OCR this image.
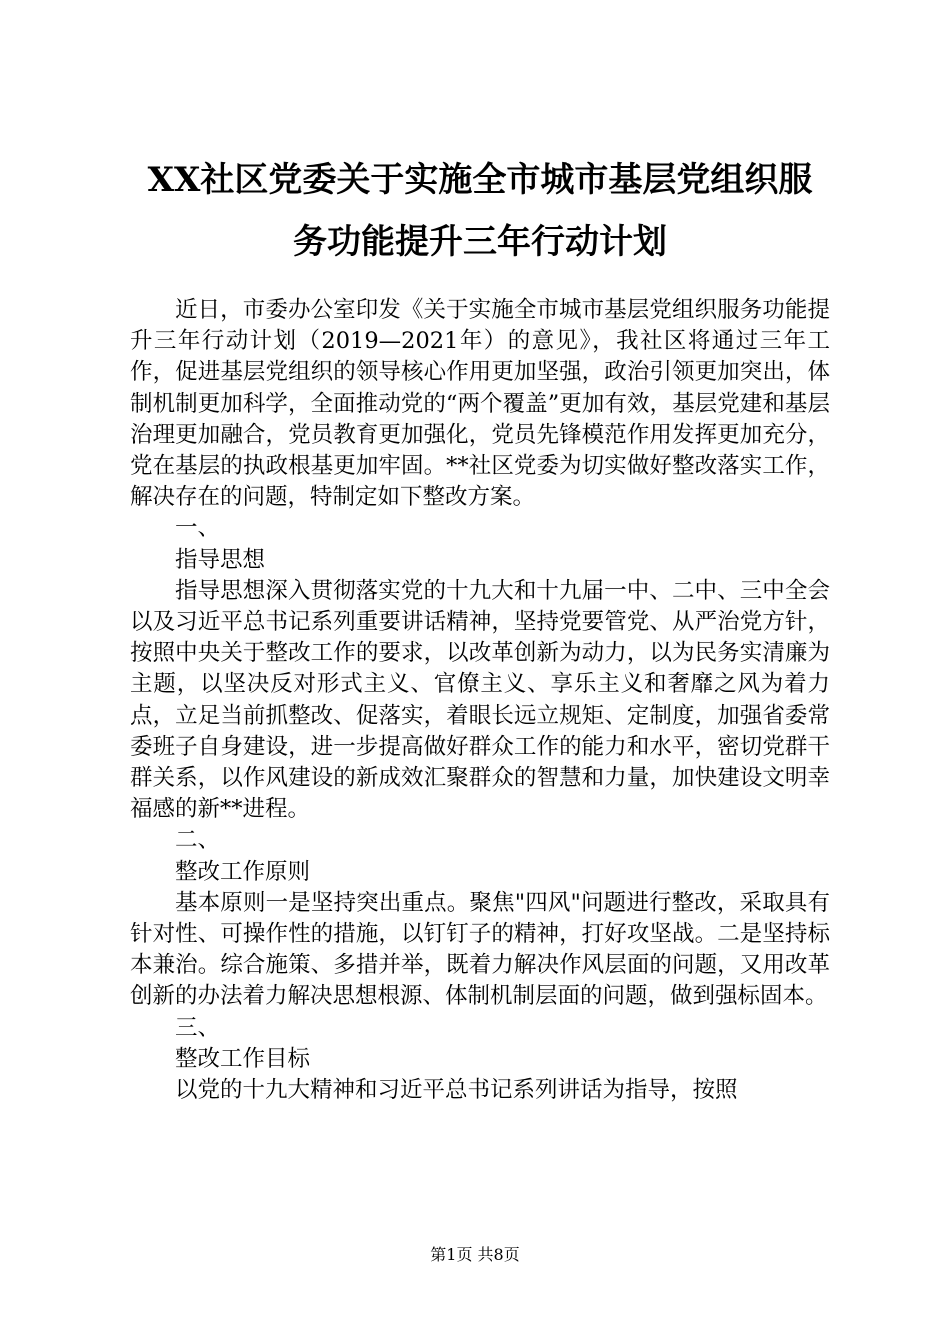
XX社区党委关于实施全市城市基层党组织服
务功能提升三年行动计划

近日，市委办公室印发《关于实施全市城市基层党组织服务功能提升三年行动计划（2019—2021年）的意见》，我社区将通过三年工作，促进基层党组织的领导核心作用更加坚强，政治引领更加突出，体制机制更加科学，全面推动党的“两个覆盖”更加有效，基层党建和基层治理更加融合，党员教育更加强化，党员先锋模范作用发挥更加充分，党在基层的执政根基更加牢固。**社区党委为切实做好整改落实工作，解决存在的问题，特制定如下整改方案。

一、

指导思想

指导思想深入贯彻落实党的十九大和十九届一中、二中、三中全会以及习近平总书记系列重要讲话精神，坚持党要管党、从严治党方针，按照中央关于整改工作的要求，以改革创新为动力，以为民务实清廉为主题，以坚决反对形式主义、官僚主义、享乐主义和奢靡之风为着力点，立足当前抓整改、促落实，着眼长远立规矩、定制度，加强省委常委班子自身建设，进一步提高做好群众工作的能力和水平，密切党群干群关系，以作风建设的新成效汇聚群众的智慧和力量，加快建设文明幸福感的新**进程。

二、

整改工作原则

基本原则一是坚持突出重点。聚焦"四风"问题进行整改，采取具有针对性、可操作性的措施，以钉钉子的精神，打好攻坚战。二是坚持标本兼治。综合施策、多措并举，既着力解决作风层面的问题，又用改革创新的办法着力解决思想根源、体制机制层面的问题，做到强标固本。

三、

整改工作目标

以党的十九大精神和习近平总书记系列讲话为指导，按照

第1页 共8页
